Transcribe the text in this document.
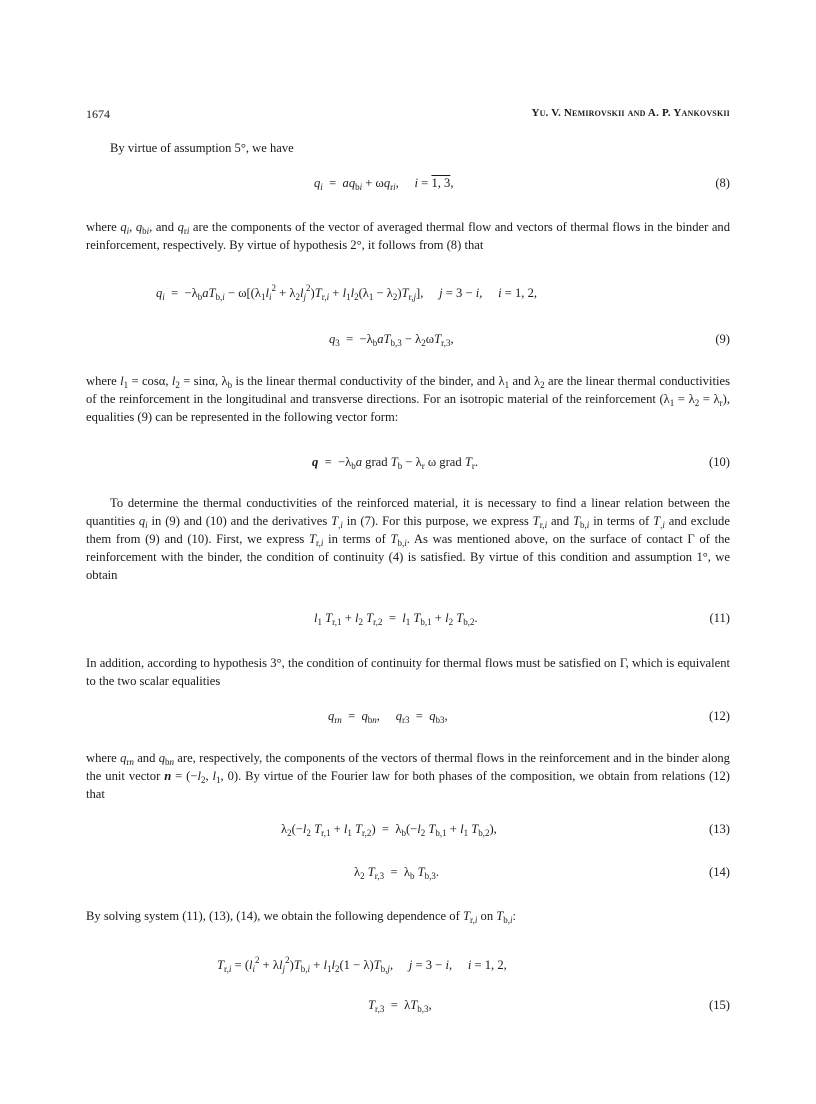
1674	Yu. V. Nemirovskii and A. P. Yankovskii
By virtue of assumption 5°, we have
$q_i = aq_{bi} + \omega q_{ri}$,     i = 1, 3,	(8)
where $q_i$, $q_{bi}$, and $q_{ri}$ are the components of the vector of averaged thermal flow and vectors of thermal flows in the binder and reinforcement, respectively. By virtue of hypothesis 2°, it follows from (8) that
$q_i = -\lambda_baT_{b,i} - \omega[(\lambda_1l_i^2 + \lambda_2l_j^2)T_{r,i} + l_1l_2(\lambda_1 - \lambda_2)T_{r,j}]$,     j = 3 − i,     i = 1, 2,
$q_3 = -\lambda_baT_{b,3} - \lambda_2\omega T_{r,3}$,	(9)
where $l_1 = \cos\alpha$, $l_2 = \sin\alpha$, $\lambda_b$ is the linear thermal conductivity of the binder, and $\lambda_1$ and $\lambda_2$ are the linear thermal conductivities of the reinforcement in the longitudinal and transverse directions. For an isotropic material of the reinforcement $(\lambda_1 = \lambda_2 = \lambda_r)$, equalities (9) can be represented in the following vector form:
$q = -\lambda_ba$ grad $T_b - \lambda_r$ ω grad $T_r$.	(10)
To determine the thermal conductivities of the reinforced material, it is necessary to find a linear relation between the quantities $q_i$ in (9) and (10) and the derivatives $T_{,i}$ in (7). For this purpose, we express $T_{r,i}$ and $T_{b,i}$ in terms of $T_{,i}$ and exclude them from (9) and (10). First, we express $T_{r,i}$ in terms of $T_{b,i}$. As was mentioned above, on the surface of contact Γ of the reinforcement with the binder, the condition of continuity (4) is satisfied. By virtue of this condition and assumption 1°, we obtain
$l_1$ $T_{r,1} + l_2$ $T_{r,2} = l_1$ $T_{b,1} + l_2$ $T_{b,2}$.	(11)
In addition, according to hypothesis 3°, the condition of continuity for thermal flows must be satisfied on Γ, which is equivalent to the two scalar equalities
$q_{rn} = q_{bn}$,     $q_{r3} = q_{b3}$,	(12)
where $q_{rn}$ and $q_{bn}$ are, respectively, the components of the vectors of thermal flows in the reinforcement and in the binder along the unit vector $n = (-l_2$, $l_1$, 0). By virtue of the Fourier law for both phases of the composition, we obtain from relations (12) that
$\lambda_2(-l_2$ $T_{r,1} + l_1$ $T_{r,2}) = \lambda_b(-l_2$ $T_{b,1} + l_1$ $T_{b,2}$),	(13)
$\lambda_2$ $T_{r,3} = \lambda_b$ $T_{b,3}$.	(14)
By solving system (11), (13), (14), we obtain the following dependence of $T_{r,i}$ on $T_{b,i}$:
$T_{r,i} = (l_i^2 + \lambda l_j^2)T_{b,i} + l_1l_2(1 - \lambda)T_{b,j}$,     j = 3 − i,     i = 1, 2,
$T_{r,3} = \lambda T_{b,3}$,	(15)
